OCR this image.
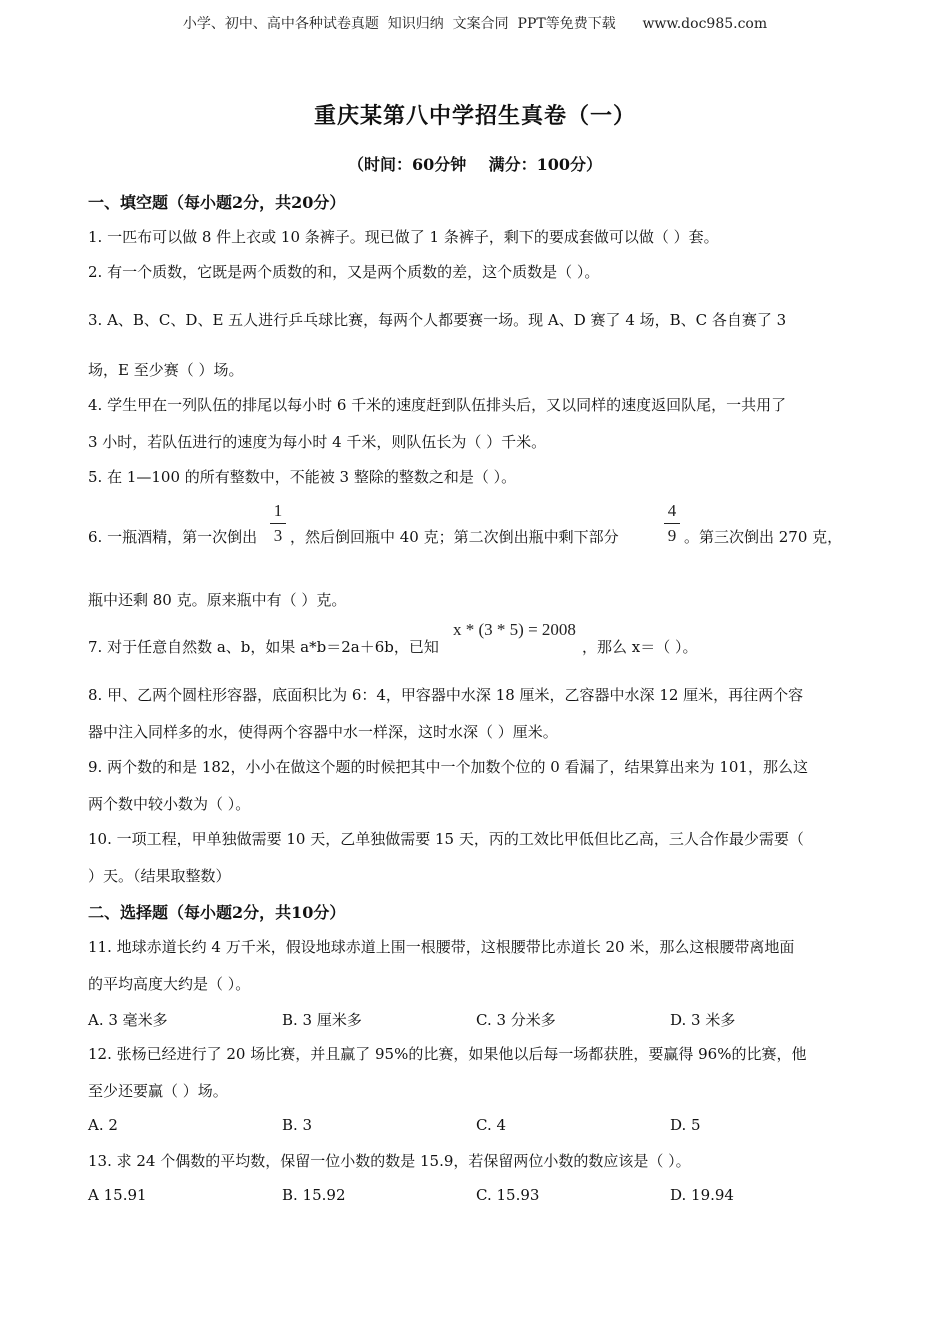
小学、初中、高中各种试卷真题  知识归纳  文案合同  PPT等免费下载      www.doc985.com
重庆某第八中学招生真卷（一）
（时间：60分钟    满分：100分）
一、填空题（每小题2分，共20分）
1. 一匹布可以做 8 件上衣或 10 条裤子。现已做了 1 条裤子，剩下的要成套做可以做（ ）套。
2. 有一个质数，它既是两个质数的和，又是两个质数的差，这个质数是（ ）。
3. A、B、C、D、E 五人进行乒乓球比赛，每两个人都要赛一场。现 A、D 赛了 4 场，B、C 各自赛了 3
场，E 至少赛（ ）场。
4. 学生甲在一列队伍的排尾以每小时 6 千米的速度赶到队伍排头后，又以同样的速度返回队尾，一共用了
3 小时，若队伍进行的速度为每小时 4 千米，则队伍长为（ ）千米。
5. 在 1—100 的所有整数中，不能被 3 整除的整数之和是（ ）。
6. 一瓶酒精，第一次倒出
1
3 ，然后倒回瓶中 40 克；第二次倒出瓶中剩下部分
4
9 。第三次倒出 270 克，
瓶中还剩 80 克。原来瓶中有（ ）克。
7. 对于任意自然数 a、b，如果 a*b＝2a＋6b，已知
x * (3 * 5) = 2008
，那么 x＝（ ）。
8. 甲、乙两个圆柱形容器，底面积比为 6：4，甲容器中水深 18 厘米，乙容器中水深 12 厘米，再往两个容
器中注入同样多的水，使得两个容器中水一样深，这时水深（ ）厘米。
9. 两个数的和是 182，小小在做这个题的时候把其中一个加数个位的 0 看漏了，结果算出来为 101，那么这
两个数中较小数为（ ）。
10. 一项工程，甲单独做需要 10 天，乙单独做需要 15 天，丙的工效比甲低但比乙高，三人合作最少需要（
）天。（结果取整数）
二、选择题（每小题2分，共10分）
11. 地球赤道长约 4 万千米，假设地球赤道上围一根腰带，这根腰带比赤道长 20 米，那么这根腰带离地面
的平均高度大约是（ ）。
A. 3 毫米多	B. 3 厘米多	C. 3 分米多	D. 3 米多
12. 张杨已经进行了 20 场比赛，并且赢了 95%的比赛，如果他以后每一场都获胜，要赢得 96%的比赛，他
至少还要赢（ ）场。
A. 2	B. 3	C. 4	D. 5
13. 求 24 个偶数的平均数，保留一位小数的数是 15.9，若保留两位小数的数应该是（ ）。
A 15.91	B. 15.92	C. 15.93	D. 19.94
